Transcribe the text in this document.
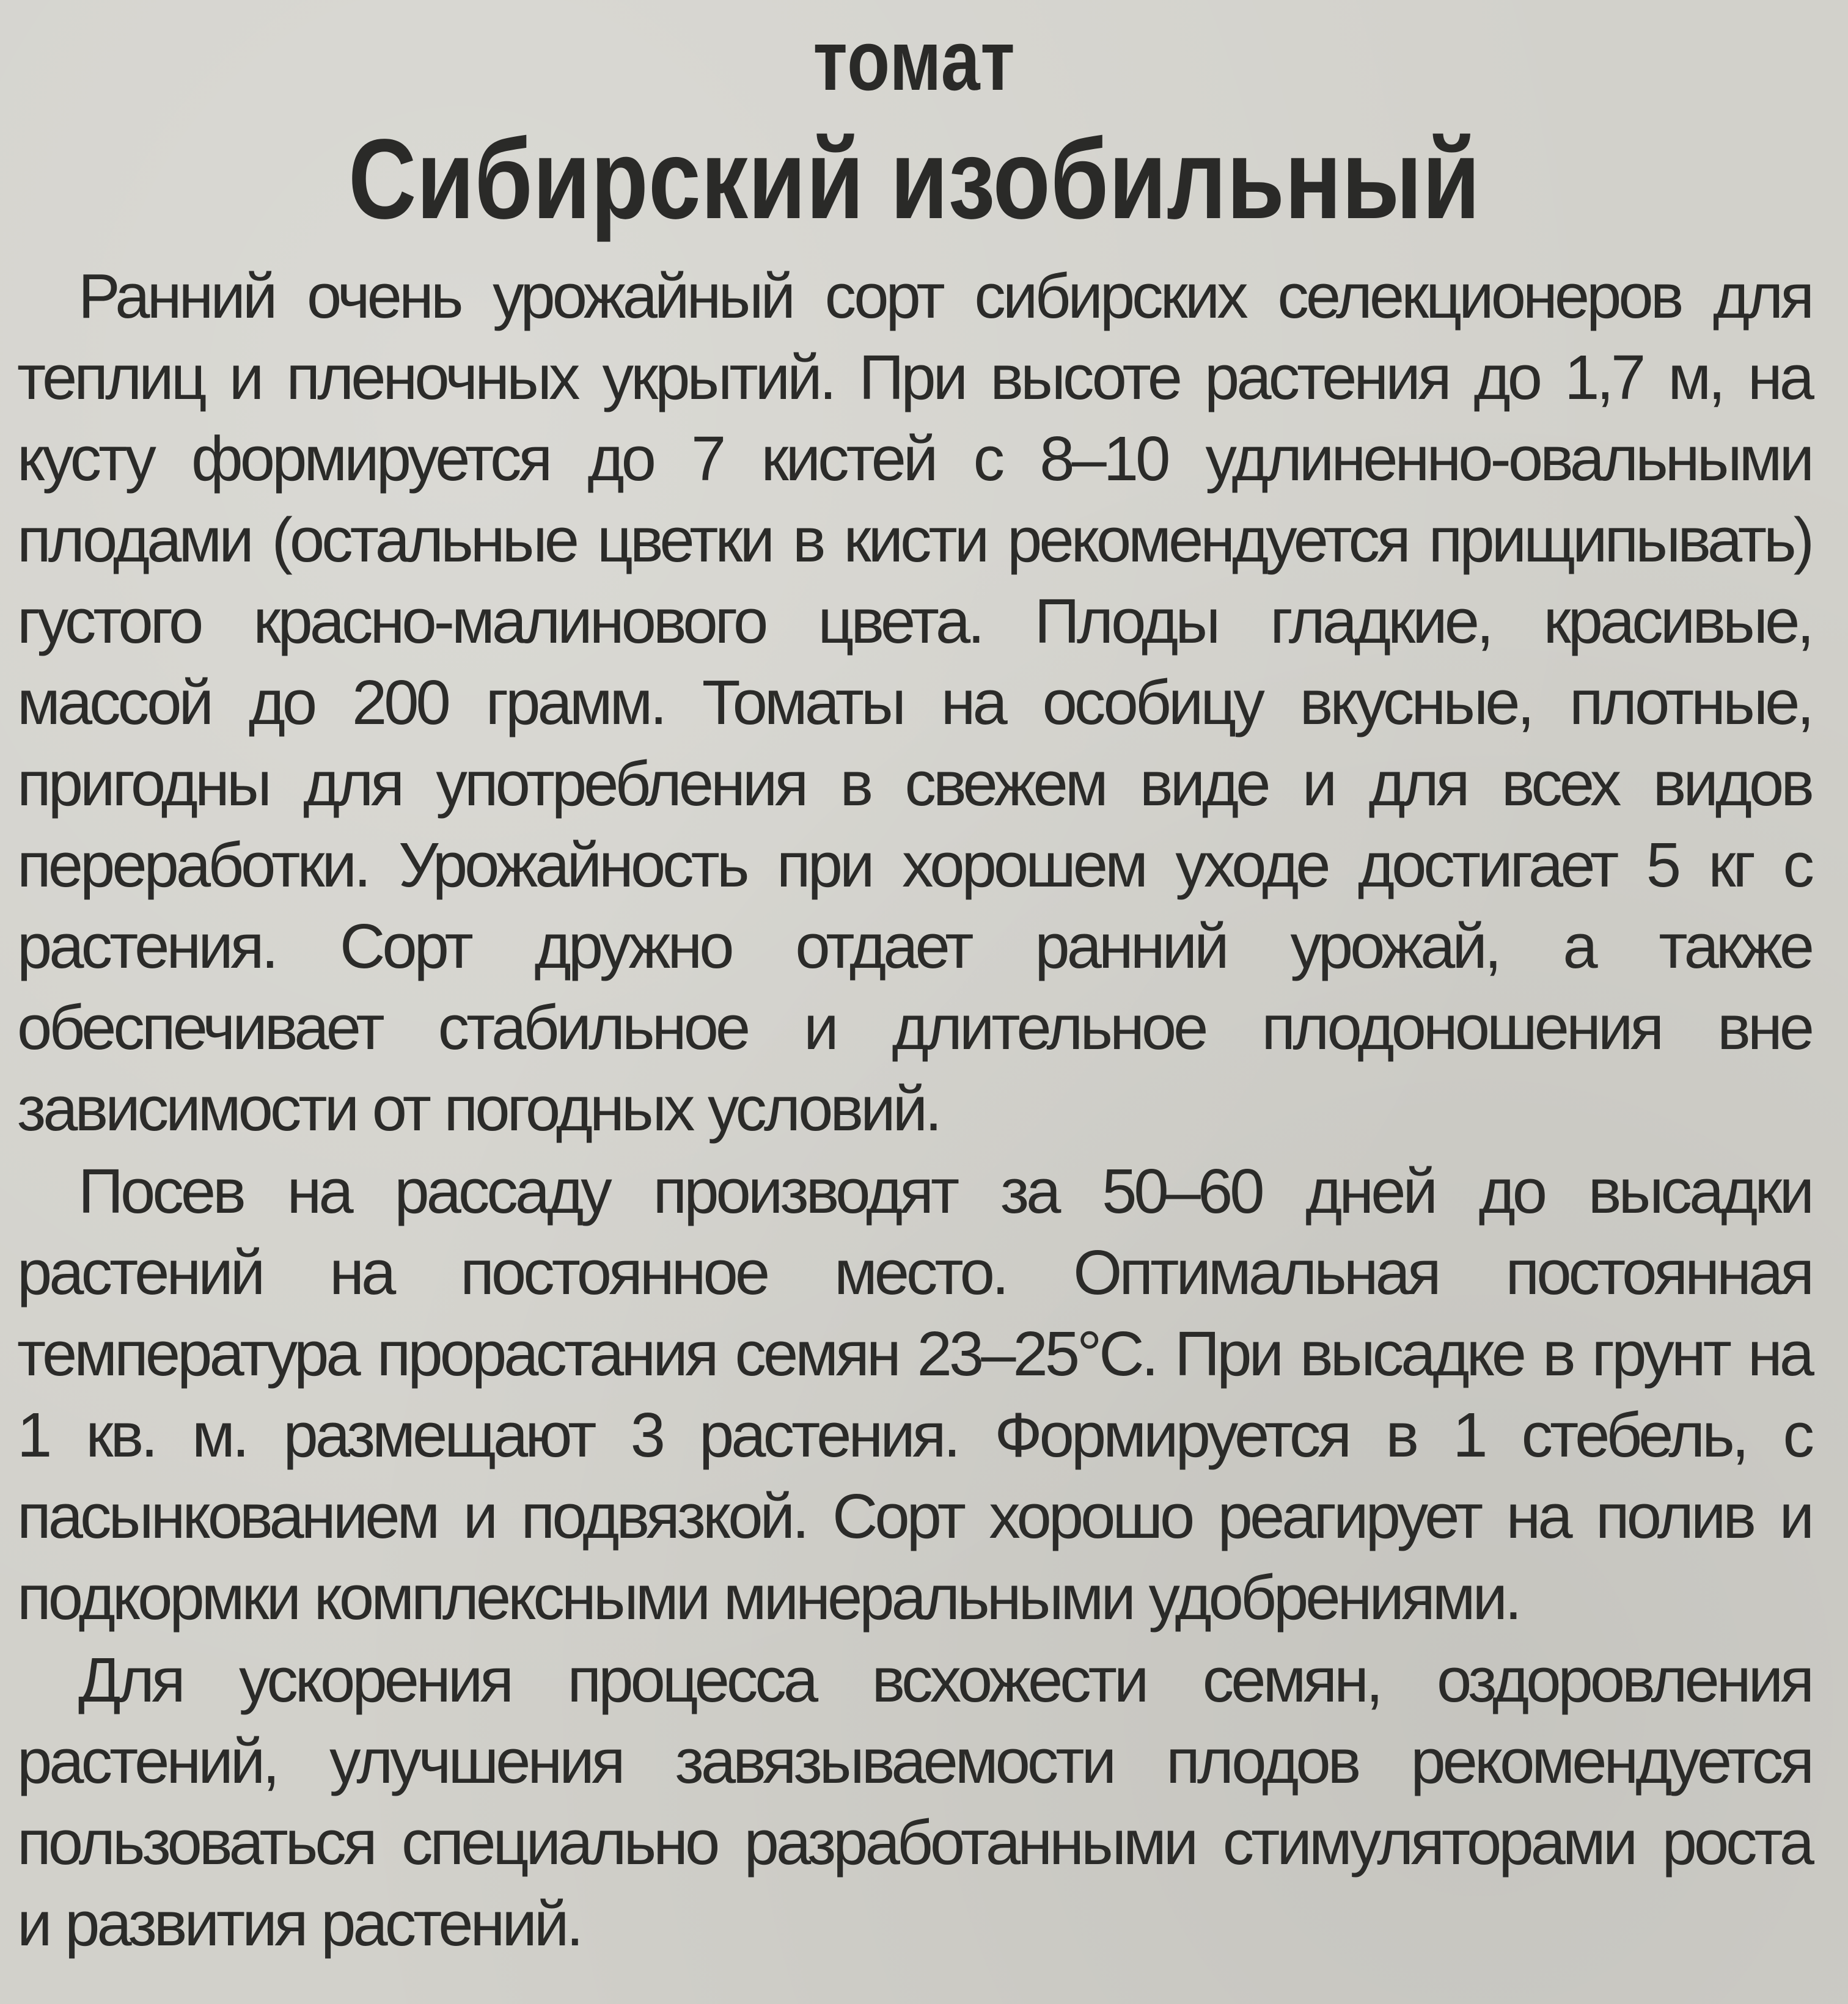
томат
Сибирский изобильный

Ранний очень урожайный сорт сибирских селекционеров для теплиц и пленочных укрытий. При высоте растения до 1,7 м, на кусту формируется до 7 кистей с 8–10 удлиненно-овальными плодами (остальные цветки в кисти рекомендуется прищипывать) густого красно-малинового цвета. Плоды гладкие, красивые, массой до 200 грамм. Томаты на особицу вкусные, плотные, пригодны для употребления в свежем виде и для всех видов переработки. Урожайность при хорошем уходе достигает 5 кг с растения. Сорт дружно отдает ранний урожай, а также обеспечивает стабильное и длительное плодоношения вне зависимости от погодных условий.

Посев на рассаду производят за 50–60 дней до высадки растений на постоянное место. Оптимальная постоянная температура прорастания семян 23–25°С. При высадке в грунт на 1 кв. м. размещают 3 растения. Формируется в 1 стебель, с пасынкованием и подвязкой. Сорт хорошо реагирует на полив и подкормки комплексными минеральными удобрениями.

Для ускорения процесса всхожести семян, оздоровления растений, улучшения завязываемости плодов рекомендуется пользоваться специально разработанными стимуляторами роста и развития растений.
